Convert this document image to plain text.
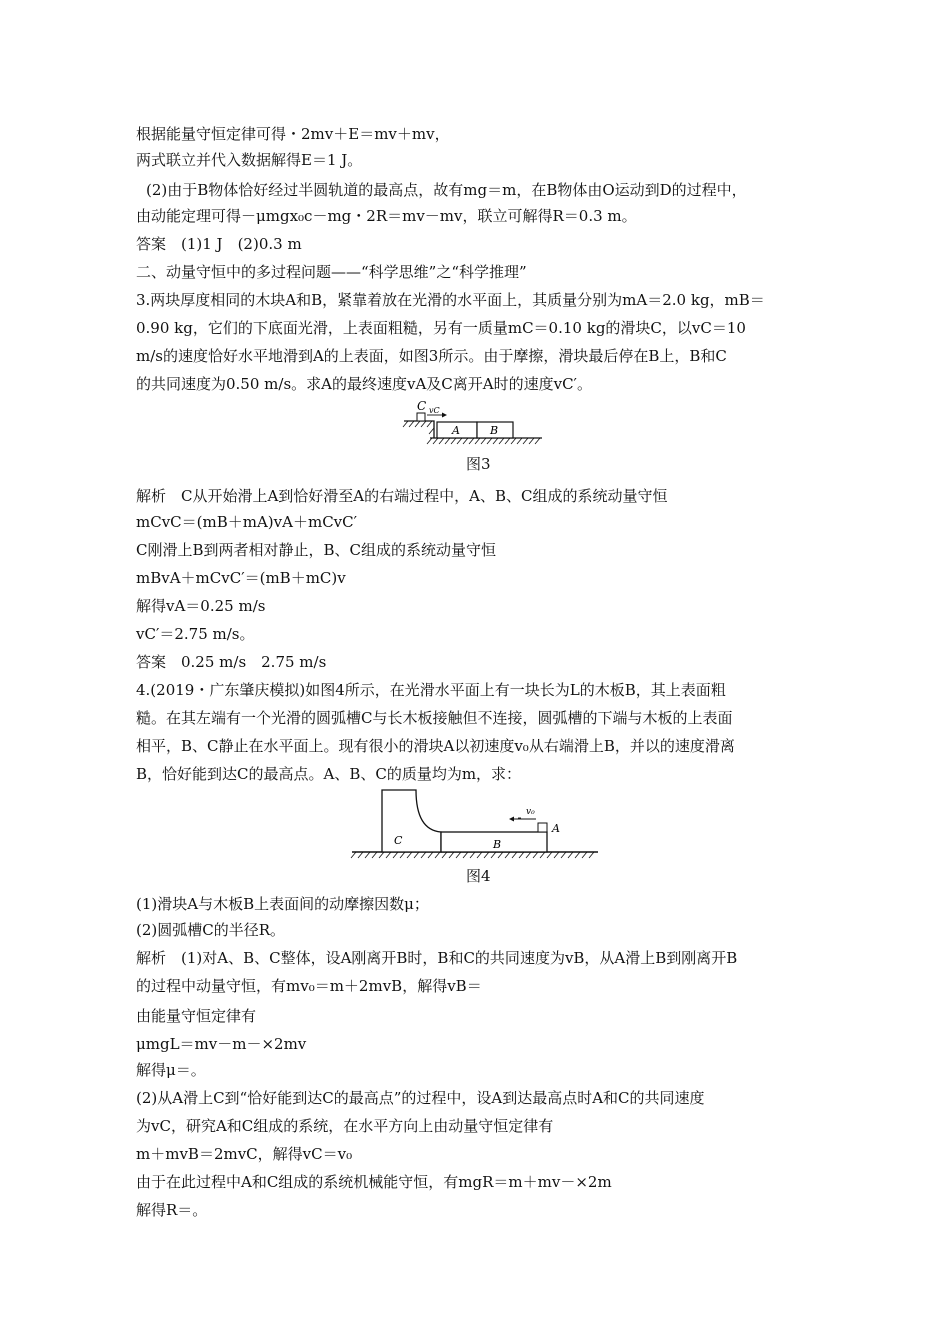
根据能量守恒定律可得・2mv＋E＝mv＋mv，
两式联立并代入数据解得E＝1 J。
(2)由于B物体恰好经过半圆轨道的最高点，故有mg＝m，在B物体由O运动到D的过程中，
由动能定理可得－μmgx₀c－mg・2R＝mv－mv，联立可解得R＝0.3 m。
答案　(1)1 J　(2)0.3 m
二、动量守恒中的多过程问题——“科学思维”之“科学推理”
3.两块厚度相同的木块A和B，紧靠着放在光滑的水平面上，其质量分别为mA＝2.0 kg，mB＝
0.90 kg，它们的下底面光滑，上表面粗糙，另有一质量mC＝0.10 kg的滑块C，以vC＝10
m/s的速度恰好水平地滑到A的上表面，如图3所示。由于摩擦，滑块最后停在B上，B和C
的共同速度为0.50 m/s。求A的最终速度vA及C离开A时的速度vC′。
C vC
A	B
图3
解析　C从开始滑上A到恰好滑至A的右端过程中，A、B、C组成的系统动量守恒
mCvC＝(mB＋mA)vA＋mCvC′
C刚滑上B到两者相对静止，B、C组成的系统动量守恒
mBvA＋mCvC′＝(mB＋mC)v
解得vA＝0.25 m/s
vC′＝2.75 m/s。
答案　0.25 m/s　2.75 m/s
4.(2019・广东肇庆模拟)如图4所示，在光滑水平面上有一块长为L的木板B，其上表面粗
糙。在其左端有一个光滑的圆弧槽C与长木板接触但不连接，圆弧槽的下端与木板的上表面
相平，B、C静止在水平面上。现有很小的滑块A以初速度v₀从右端滑上B，并以的速度滑离
B，恰好能到达C的最高点。A、B、C的质量均为m，求：
C	B
A
v₀
图4
(1)滑块A与木板B上表面间的动摩擦因数μ；
(2)圆弧槽C的半径R。
解析　(1)对A、B、C整体，设A刚离开B时，B和C的共同速度为vB，从A滑上B到刚离开B
的过程中动量守恒，有mv₀＝m＋2mvB，解得vB＝
由能量守恒定律有
μmgL＝mv－m－×2mv
解得μ＝。
(2)从A滑上C到“恰好能到达C的最高点”的过程中，设A到达最高点时A和C的共同速度
为vC，研究A和C组成的系统，在水平方向上由动量守恒定律有
m＋mvB＝2mvC，解得vC＝v₀
由于在此过程中A和C组成的系统机械能守恒，有mgR＝m＋mv－×2m
解得R＝。
